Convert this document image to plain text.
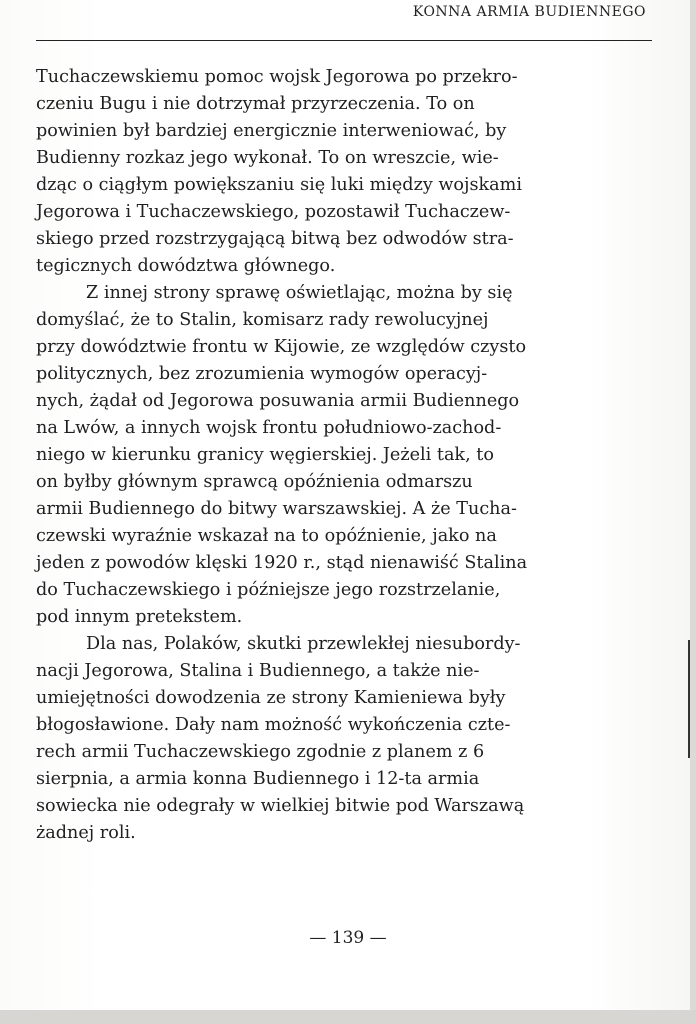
KONNA ARMIA BUDIENNEGO
Tuchaczewskiemu pomoc wojsk Jegorowa po przekro-
czeniu Bugu i nie dotrzymał przyrzeczenia. To on
powinien był bardziej energicznie interweniować, by
Budienny rozkaz jego wykonał. To on wreszcie, wie-
dząc o ciągłym powiększaniu się luki między wojskami
Jegorowa i Tuchaczewskiego, pozostawił Tuchaczew-
skiego przed rozstrzygającą bitwą bez odwodów stra-
tegicznych dowództwa głównego.
Z innej strony sprawę oświetlając, można by się
domyślać, że to Stalin, komisarz rady rewolucyjnej
przy dowództwie frontu w Kijowie, ze względów czysto
politycznych, bez zrozumienia wymogów operacyj-
nych, żądał od Jegorowa posuwania armii Budiennego
na Lwów, a innych wojsk frontu południowo-zachod-
niego w kierunku granicy węgierskiej. Jeżeli tak, to
on byłby głównym sprawcą opóźnienia odmarszu
armii Budiennego do bitwy warszawskiej. A że Tucha-
czewski wyraźnie wskazał na to opóźnienie, jako na
jeden z powodów klęski 1920 r., stąd nienawiść Stalina
do Tuchaczewskiego i późniejsze jego rozstrzelanie,
pod innym pretekstem.
Dla nas, Polaków, skutki przewlekłej niesubordy-
nacji Jegorowa, Stalina i Budiennego, a także nie-
umiejętności dowodzenia ze strony Kamieniewa były
błogosławione. Dały nam możność wykończenia czte-
rech armii Tuchaczewskiego zgodnie z planem z 6
sierpnia, a armia konna Budiennego i 12-ta armia
sowiecka nie odegrały w wielkiej bitwie pod Warszawą
żadnej roli.
— 139 —
